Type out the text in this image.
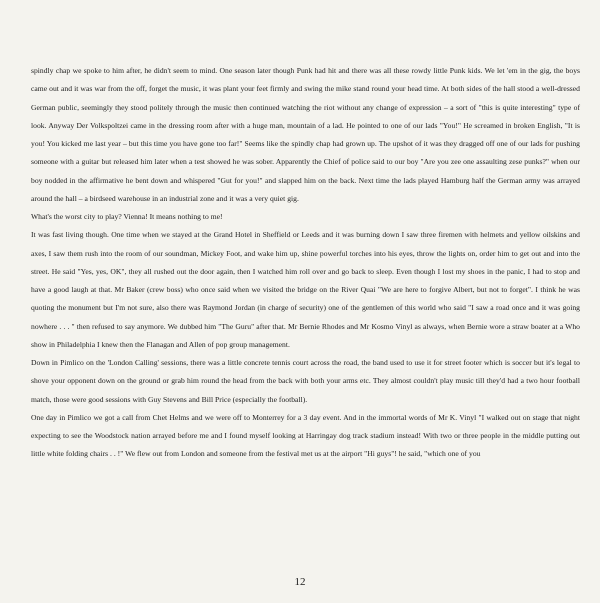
spindly chap we spoke to him after, he didn't seem to mind. One season later though Punk had hit and there was all these rowdy little Punk kids. We let 'em in the gig, the boys came out and it was war from the off, forget the music, it was plant your feet firmly and swing the mike stand round your head time. At both sides of the hall stood a well-dressed German public, seemingly they stood politely through the music then continued watching the riot without any change of expression – a sort of "this is quite interesting" type of look. Anyway Der Volkspoltzei came in the dressing room after with a huge man, mountain of a lad. He pointed to one of our lads "You!" He screamed in broken English, "It is you! You kicked me last year – but this time you have gone too far!" Seems like the spindly chap had grown up. The upshot of it was they dragged off one of our lads for pushing someone with a guitar but released him later when a test showed he was sober. Apparently the Chief of police said to our boy "Are you zee one assaulting zese punks?" when our boy nodded in the affirmative he bent down and whispered "Gut for you!" and slapped him on the back. Next time the lads played Hamburg half the German army was arrayed around the hall – a birdseed warehouse in an industrial zone and it was a very quiet gig.

What's the worst city to play? Vienna! It means nothing to me!

It was fast living though. One time when we stayed at the Grand Hotel in Sheffield or Leeds and it was burning down I saw three firemen with helmets and yellow oilskins and axes, I saw them rush into the room of our soundman, Mickey Foot, and wake him up, shine powerful torches into his eyes, throw the lights on, order him to get out and into the street. He said "Yes, yes, OK", they all rushed out the door again, then I watched him roll over and go back to sleep. Even though I lost my shoes in the panic, I had to stop and have a good laugh at that. Mr Baker (crew boss) who once said when we visited the bridge on the River Quai "We are here to forgive Albert, but not to forget". I think he was quoting the monument but I'm not sure, also there was Raymond Jordan (in charge of security) one of the gentlemen of this world who said "I saw a road once and it was going nowhere . . . " then refused to say anymore. We dubbed him "The Guru" after that. Mr Bernie Rhodes and Mr Kosmo Vinyl as always, when Bernie wore a straw boater at a Who show in Philadelphia I knew then the Flanagan and Allen of pop group management.

Down in Pimlico on the 'London Calling' sessions, there was a little concrete tennis court across the road, the band used to use it for street footer which is soccer but it's legal to shove your opponent down on the ground or grab him round the head from the back with both your arms etc. They almost couldn't play music till they'd had a two hour football match, those were good sessions with Guy Stevens and Bill Price (especially the football).

One day in Pimlico we got a call from Chet Helms and we were off to Monterrey for a 3 day event. And in the immortal words of Mr K. Vinyl "I walked out on stage that night expecting to see the Woodstock nation arrayed before me and I found myself looking at Harringay dog track stadium instead! With two or three people in the middle putting out little white folding chairs . . !" We flew out from London and someone from the festival met us at the airport "Hi guys"! he said, "which one of you

12
